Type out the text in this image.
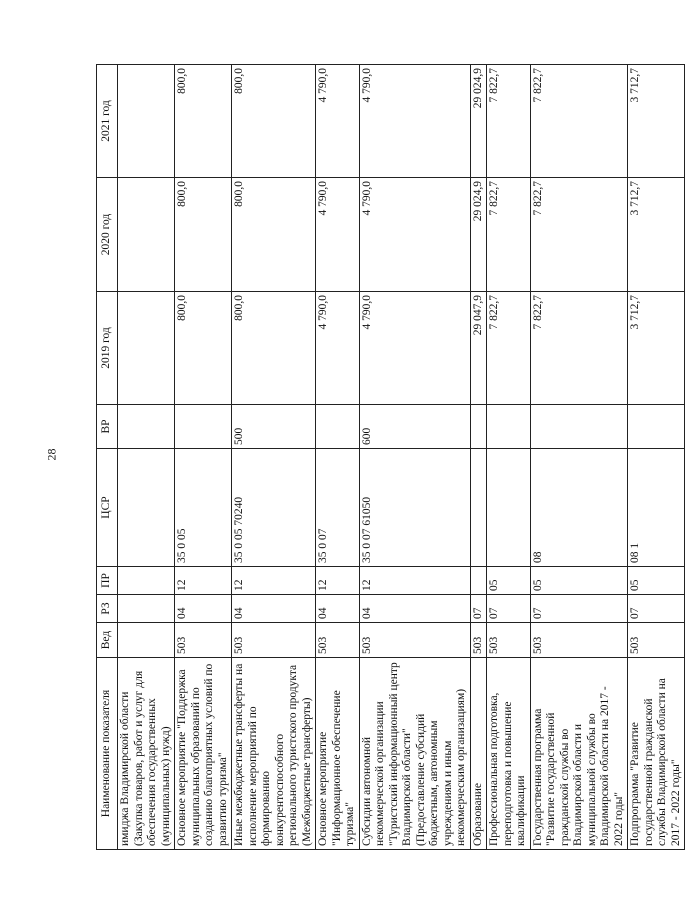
28
Наименование показателя	Вед	РЗ	ПР	ЦСР	ВР	2019 год	2020 год	2021 год
имиджа Владимирской области (Закупка товаров, работ и услуг для обеспечения государственных (муниципальных) нужд)								
Основное мероприятие "Поддержка муниципальных образований по созданию благоприятных условий по развитию туризма"	503	04	12	35 0 05		800,0	800,0	800,0
Иные межбюджетные трансферты на исполнение мероприятий по формированию конкурентоспособного регионального туристского продукта (Межбюджетные трансферты)	503	04	12	35 0 05 70240	500	800,0	800,0	800,0
Основное мероприятие "Информационное обеспечение туризма"	503	04	12	35 0 07		4 790,0	4 790,0	4 790,0
Субсидии автономной некоммерческой организации "Туристский информационный центр Владимирской области" (Предоставление субсидий бюджетным, автономным учреждениям и иным некоммерческим организациям)	503	04	12	35 0 07 61050	600	4 790,0	4 790,0	4 790,0
Образование	503	07				29 047,9	29 024,9	29 024,9
Профессиональная подготовка, переподготовка и повышение квалификации	503	07	05			7 822,7	7 822,7	7 822,7
Государственная программа "Развитие государственной гражданской службы во Владимирской области и муниципальной службы во Владимирской области на 2017 - 2022 годы"	503	07	05	08		7 822,7	7 822,7	7 822,7
Подпрограмма "Развитие государственной гражданской службы Владимирской области на 2017 - 2022 годы"	503	07	05	08 1		3 712,7	3 712,7	3 712,7
